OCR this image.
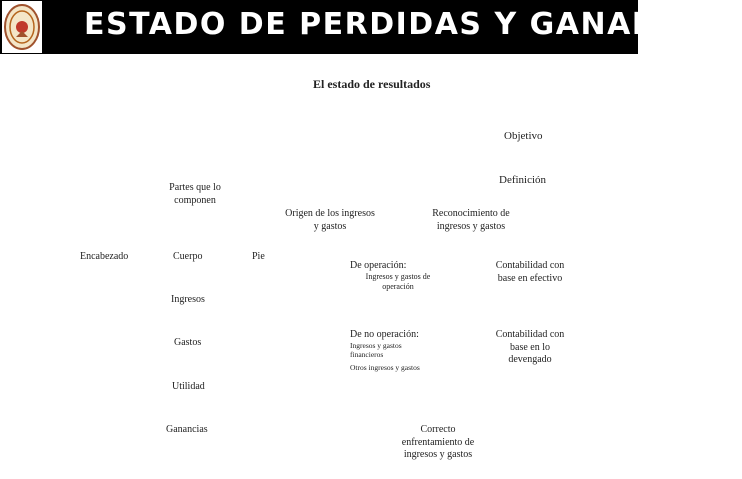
ESTADO DE PERDIDAS Y GANANCIAS
El estado de resultados
Objetivo
Definición
Partes que lo
componen
Origen de los ingresos
y gastos
Reconocimiento de
ingresos y gastos
Encabezado	Cuerpo	Pie
De operación:
Ingresos y gastos de
operación
Contabilidad con
base en efectivo
Ingresos
De no operación:
Ingresos y gastos
financieros
Otros ingresos y gastos
Contabilidad con
base en lo
devengado
Gastos
Utilidad
Ganancias	Correcto
enfrentamiento de
ingresos y gastos
